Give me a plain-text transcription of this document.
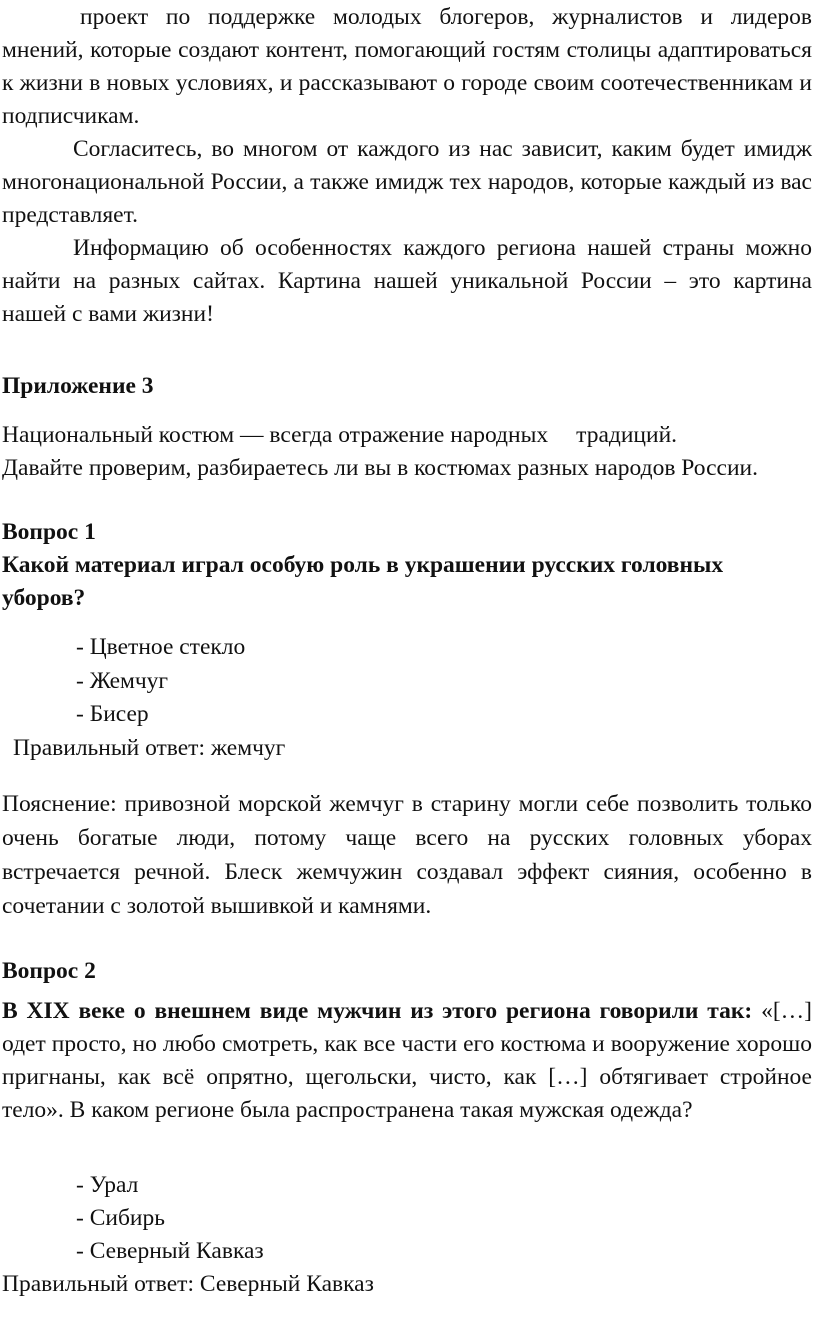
проект по поддержке молодых блогеров, журналистов и лидеров мнений, которые создают контент, помогающий гостям столицы адаптироваться к жизни в новых условиях, и рассказывают о городе своим соотечественникам и подписчикам.

Согласитесь, во многом от каждого из нас зависит, каким будет имидж многонациональной России, а также имидж тех народов, которые каждый из вас представляет.

Информацию об особенностях каждого региона нашей страны можно найти на разных сайтах. Картина нашей уникальной России – это картина нашей с вами жизни!

Приложение 3

Национальный костюм — всегда отражение народных традиций.

Давайте проверим, разбираетесь ли вы в костюмах разных народов России.

Вопрос 1

Какой материал играл особую роль в украшении русских головных уборов?

- Цветное стекло

- Жемчуг

- Бисер

Правильный ответ: жемчуг

Пояснение: привозной морской жемчуг в старину могли себе позволить только очень богатые люди, потому чаще всего на русских головных уборах встречается речной. Блеск жемчужин создавал эффект сияния, особенно в сочетании с золотой вышивкой и камнями.

Вопрос 2

В XIX веке о внешнем виде мужчин из этого региона говорили так: «[…] одет просто, но любо смотреть, как все части его костюма и вооружение хорошо пригнаны, как всё опрятно, щегольски, чисто, как […] обтягивает стройное тело». В каком регионе была распространена такая мужская одежда?

- Урал

- Сибирь

- Северный Кавказ

Правильный ответ: Северный Кавказ
